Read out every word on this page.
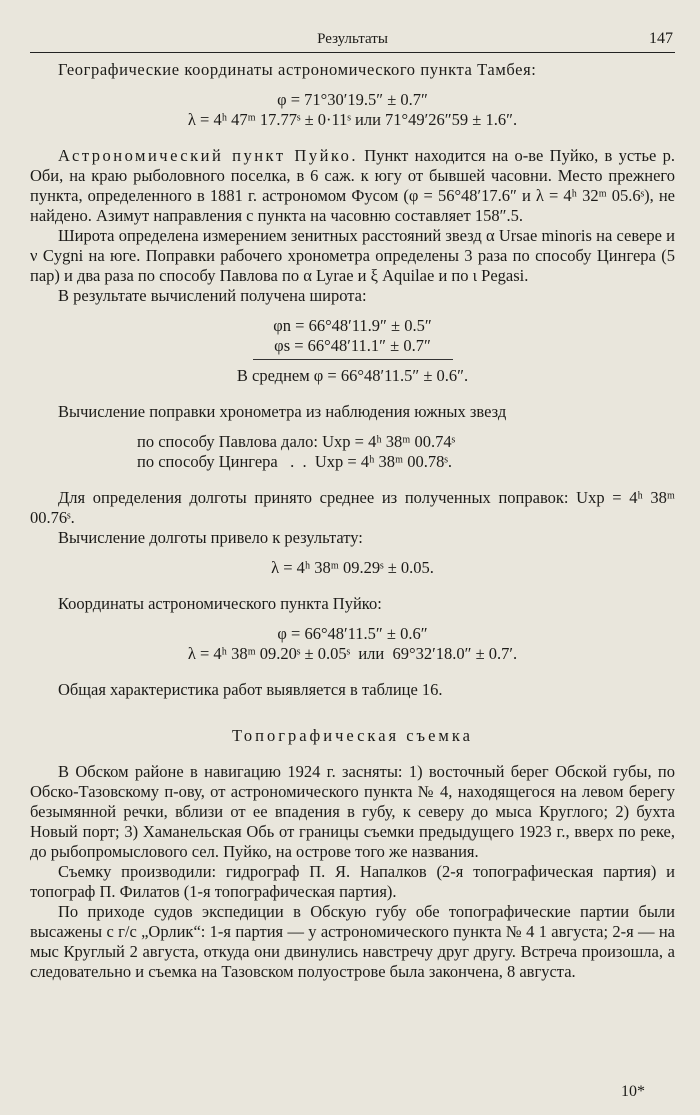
Результаты	147

Географические координаты астрономического пункта Тамбея:

φ = 71°30′19.5″ ± 0.7″

λ = 4ʰ 47ᵐ 17.77ˢ ± 0·11ˢ или 71°49′26″59 ± 1.6″.

Астрономический пункт Пуйко. Пункт находится на о-ве Пуйко, в устье р. Оби, на краю рыболовного поселка, в 6 саж. к югу от бывшей часовни. Место прежнего пункта, определенного в 1881 г. астрономом Фусом (φ = 56°48′17.6″ и λ = 4ʰ 32ᵐ 05.6ˢ), не найдено. Азимут направления с пункта на часовню составляет 158″.5.

Широта определена измерением зенитных расстояний звезд α Ursae minoris на севере и ν Cygni на юге. Поправки рабочего хронометра определены 3 раза по способу Цингера (5 пар) и два раза по способу Павлова по α Lyrae и ξ Aquilae и по ι Pegasi.

В результате вычислений получена широта:

φn = 66°48′11.9″ ± 0.5″

φs = 66°48′11.1″ ± 0.7″

В среднем φ = 66°48′11.5″ ± 0.6″.

Вычисление поправки хронометра из наблюдения южных звезд

по способу Павлова дало: Uхр = 4ʰ 38ᵐ 00.74ˢ
по способу Цингера   .  .  Uхр = 4ʰ 38ᵐ 00.78ˢ.

Для определения долготы принято среднее из полученных поправок: Uхр = 4ʰ 38ᵐ 00.76ˢ.

Вычисление долготы привело к результату:

λ = 4ʰ 38ᵐ 09.29ˢ ± 0.05.

Координаты астрономического пункта Пуйко:

φ = 66°48′11.5″ ± 0.6″

λ = 4ʰ 38ᵐ 09.20ˢ ± 0.05ˢ  или  69°32′18.0″ ± 0.7′.

Общая характеристика работ выявляется в таблице 16.

Топографическая съемка

В Обском районе в навигацию 1924 г. засняты: 1) восточный берег Обской губы, по Обско-Тазовскому п-ову, от астрономического пункта № 4, находящегося на левом берегу безымянной речки, вблизи от ее впадения в губу, к северу до мыса Круглого; 2) бухта Новый порт; 3) Хаманельская Обь от границы съемки предыдущего 1923 г., вверх по реке, до рыбопромыслового сел. Пуйко, на острове того же названия.

Съемку производили: гидрограф П. Я. Напалков (2-я топографическая партия) и топограф П. Филатов (1-я топографическая партия).

По приходе судов экспедиции в Обскую губу обе топографические партии были высажены с г/с „Орлик“: 1-я партия — у астрономического пункта № 4 1 августа; 2-я — на мыс Круглый 2 августа, откуда они двинулись навстречу друг другу. Встреча произошла, а следовательно и съемка на Тазовском полуострове была закончена, 8 августа.

10*
